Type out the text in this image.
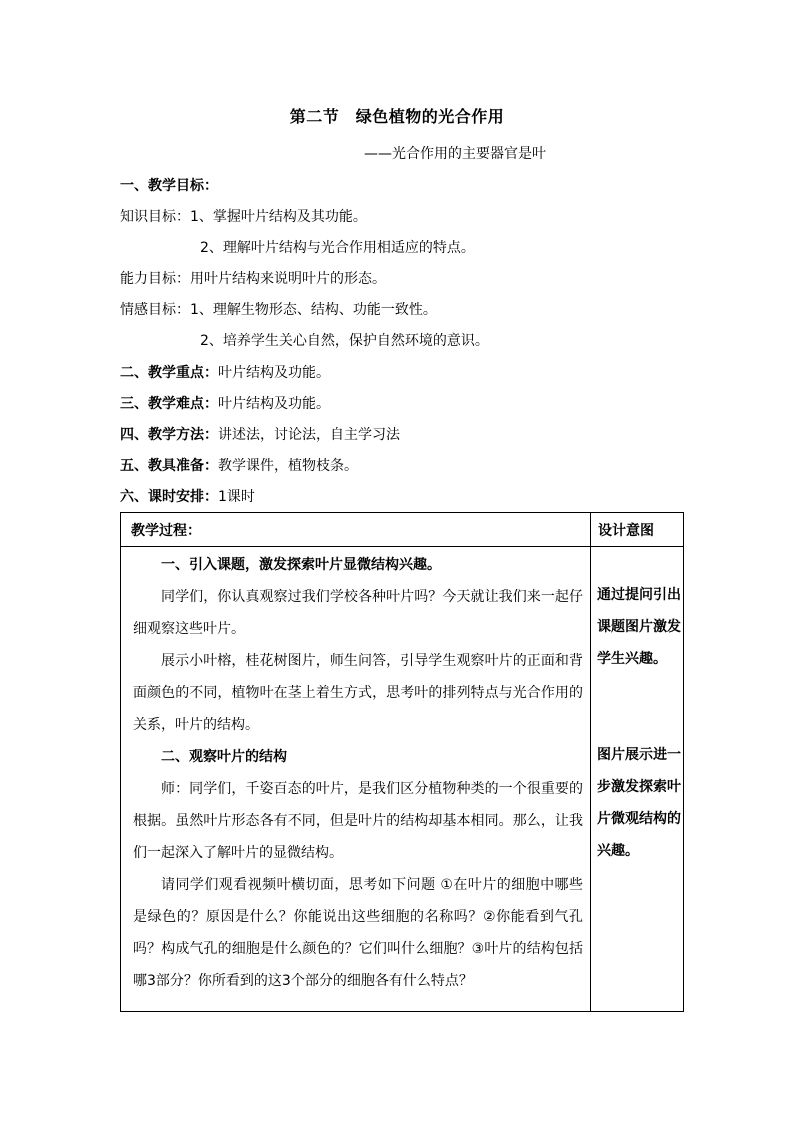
第二节　绿色植物的光合作用
——光合作用的主要器官是叶
一、教学目标：
知识目标：1、掌握叶片结构及其功能。
2、理解叶片结构与光合作用相适应的特点。
能力目标：用叶片结构来说明叶片的形态。
情感目标：1、理解生物形态、结构、功能一致性。
2、培养学生关心自然，保护自然环境的意识。
二、教学重点：叶片结构及功能。
三、教学难点：叶片结构及功能。
四、教学方法：讲述法，讨论法，自主学习法
五、教具准备：教学课件，植物枝条。
六、课时安排：1课时
教学过程：	设计意图

一、引入课题，激发探索叶片显微结构兴趣。

同学们，你认真观察过我们学校各种叶片吗？今天就让我们来一起仔细观察这些叶片。

展示小叶榕，桂花树图片，师生问答，引导学生观察叶片的正面和背面颜色的不同，植物叶在茎上着生方式，思考叶的排列特点与光合作用的关系，叶片的结构。

二、观察叶片的结构

师：同学们，千姿百态的叶片，是我们区分植物种类的一个很重要的根据。虽然叶片形态各有不同，但是叶片的结构却基本相同。那么，让我们一起深入了解叶片的显微结构。

请同学们观看视频叶横切面，思考如下问题 ①在叶片的细胞中哪些是绿色的？原因是什么？你能说出这些细胞的名称吗？②你能看到气孔吗？构成气孔的细胞是什么颜色的？它们叫什么细胞？③叶片的结构包括哪3部分？你所看到的这3个部分的细胞各有什么特点？

通过提问引出课题图片激发学生兴趣。
图片展示进一步激发探索叶片微观结构的兴趣。
